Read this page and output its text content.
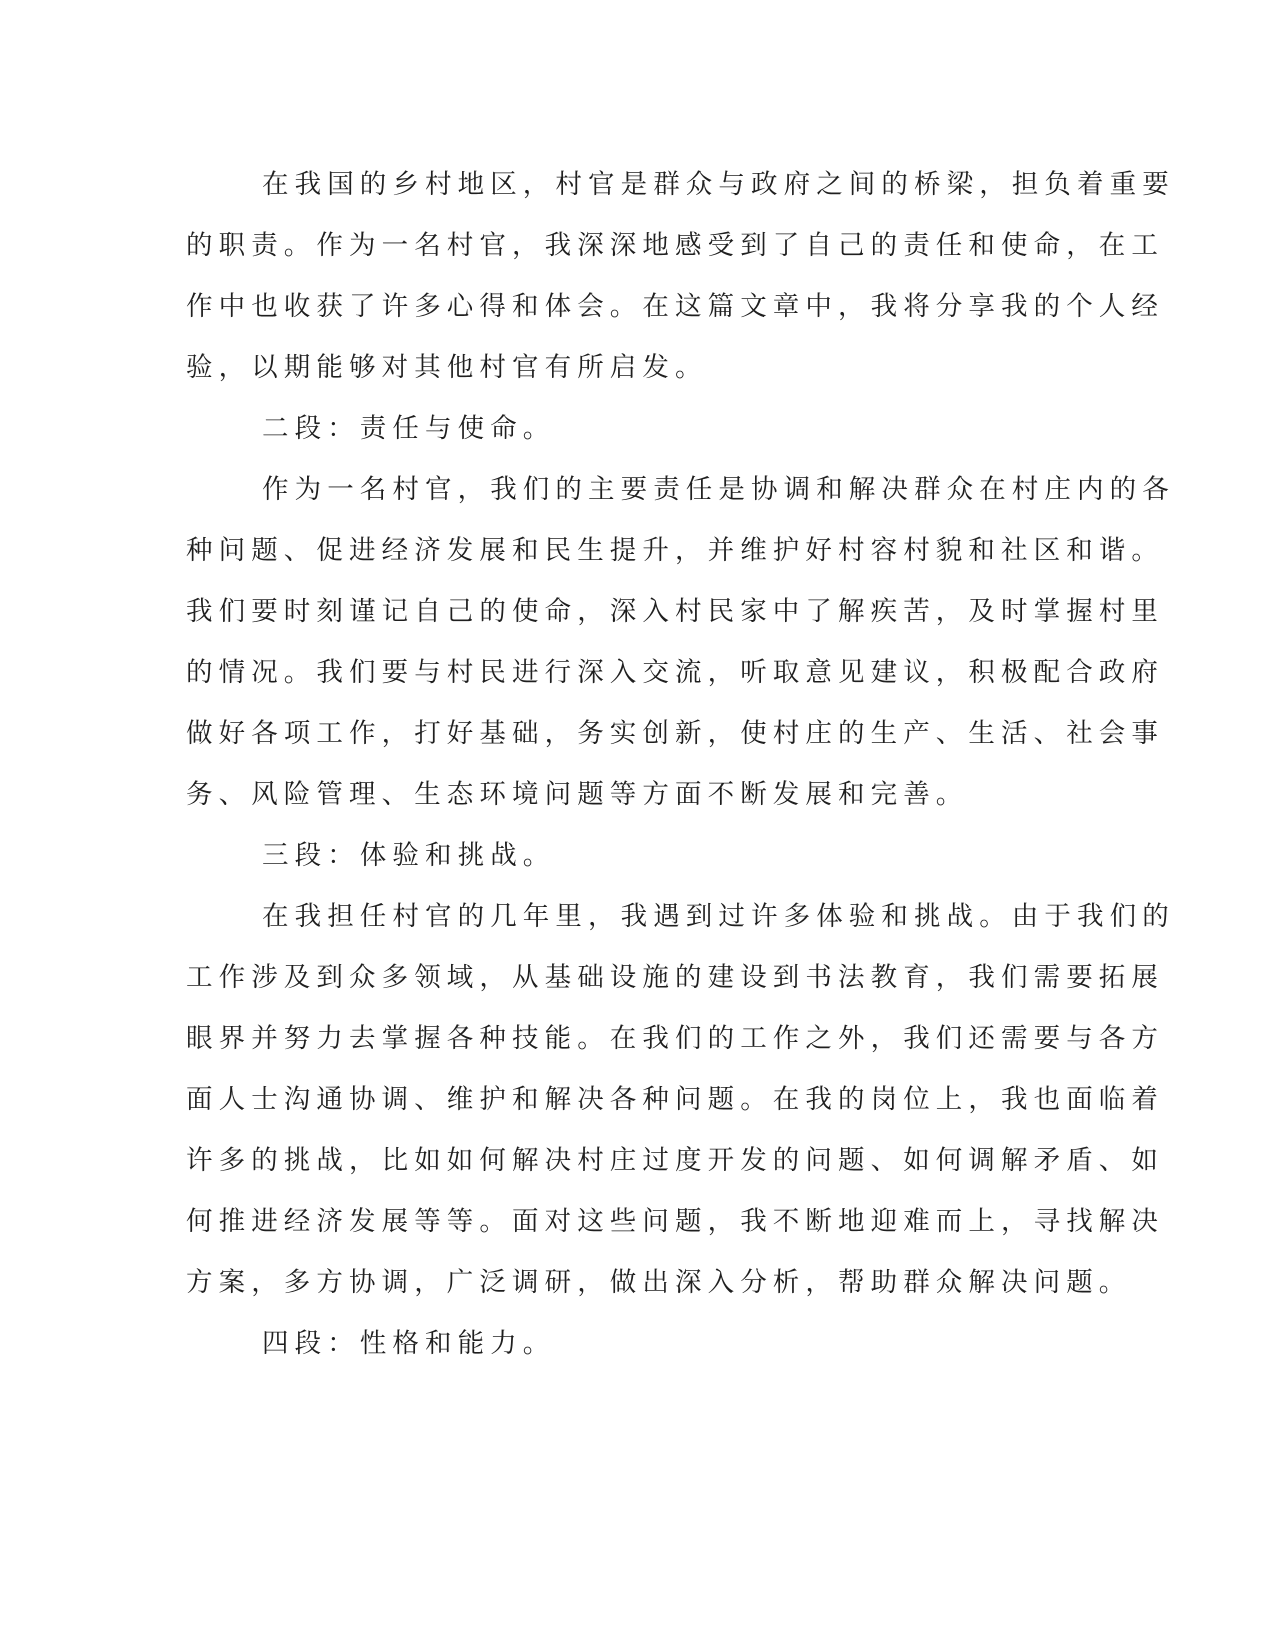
在我国的乡村地区，村官是群众与政府之间的桥梁，担负着重要
的职责。作为一名村官，我深深地感受到了自己的责任和使命，在工
作中也收获了许多心得和体会。在这篇文章中，我将分享我的个人经
验，以期能够对其他村官有所启发。
二段：责任与使命。
作为一名村官，我们的主要责任是协调和解决群众在村庄内的各
种问题、促进经济发展和民生提升，并维护好村容村貌和社区和谐。
我们要时刻谨记自己的使命，深入村民家中了解疾苦，及时掌握村里
的情况。我们要与村民进行深入交流，听取意见建议，积极配合政府
做好各项工作，打好基础，务实创新，使村庄的生产、生活、社会事
务、风险管理、生态环境问题等方面不断发展和完善。
三段：体验和挑战。
在我担任村官的几年里，我遇到过许多体验和挑战。由于我们的
工作涉及到众多领域，从基础设施的建设到书法教育，我们需要拓展
眼界并努力去掌握各种技能。在我们的工作之外，我们还需要与各方
面人士沟通协调、维护和解决各种问题。在我的岗位上，我也面临着
许多的挑战，比如如何解决村庄过度开发的问题、如何调解矛盾、如
何推进经济发展等等。面对这些问题，我不断地迎难而上，寻找解决
方案，多方协调，广泛调研，做出深入分析，帮助群众解决问题。
四段：性格和能力。
